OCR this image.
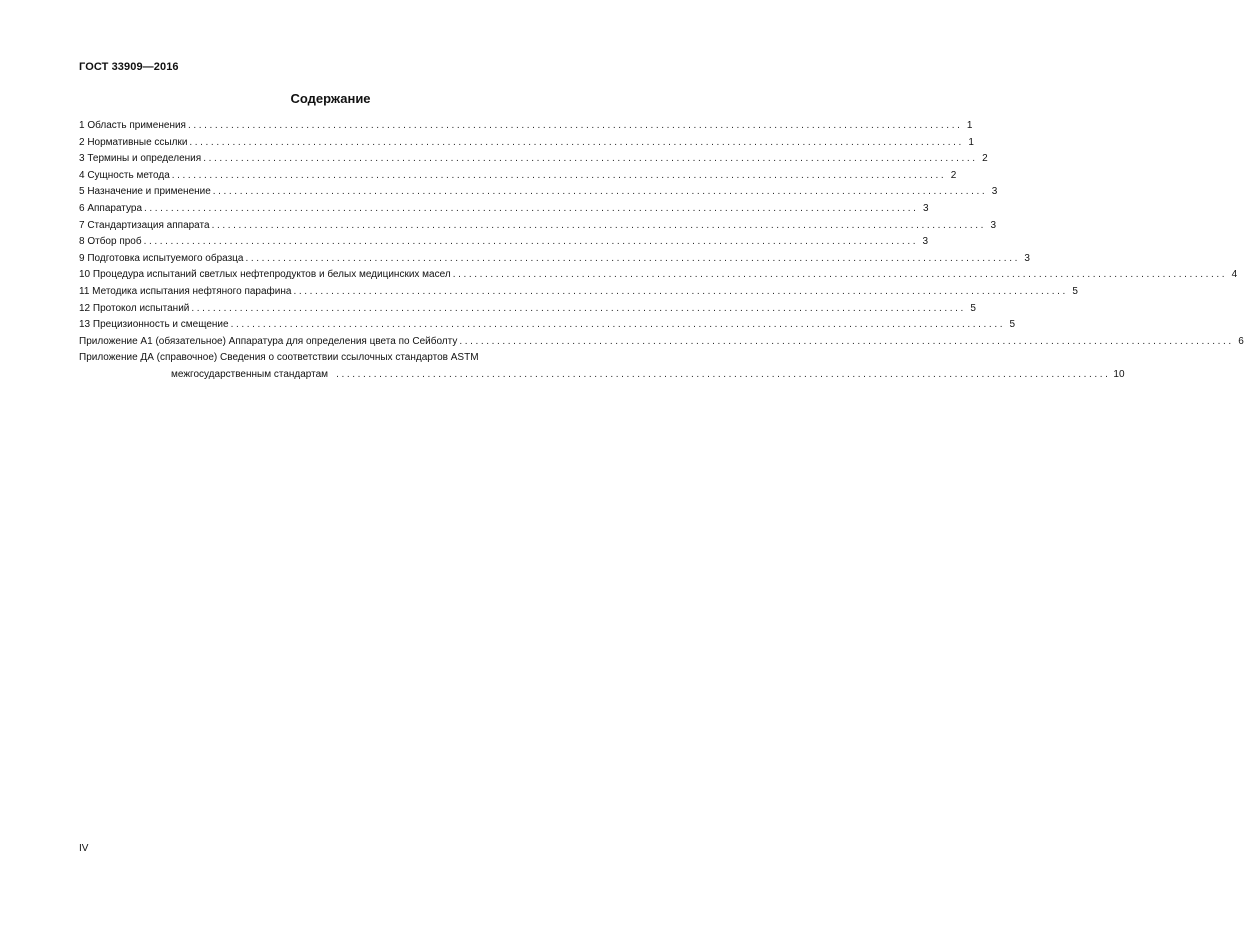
ГОСТ 33909—2016
Содержание
1 Область применения ................................................................................................................................................ 1
2 Нормативные ссылки ................................................................................................................................................ 1
3 Термины и определения ................................................................................................................................................ 2
4 Сущность метода ................................................................................................................................................ 2
5 Назначение и применение ................................................................................................................................................ 3
6 Аппаратура ................................................................................................................................................ 3
7 Стандартизация аппарата ................................................................................................................................................ 3
8 Отбор проб ................................................................................................................................................ 3
9 Подготовка испытуемого образца ................................................................................................................................................ 3
10 Процедура испытаний светлых нефтепродуктов и белых медицинских масел ................................................................................................................................................ 4
11 Методика испытания нефтяного парафина ................................................................................................................................................ 5
12 Протокол испытаний ................................................................................................................................................ 5
13 Прецизионность и смещение ................................................................................................................................................ 5
Приложение А1 (обязательное) Аппаратура для определения цвета по Сейболту ................................................................................................................................................ 6
Приложение ДА (справочное) Сведения о соответствии ссылочных стандартов ASTM
межгосударственным стандартам ................................................................................................................................................ 10
IV
